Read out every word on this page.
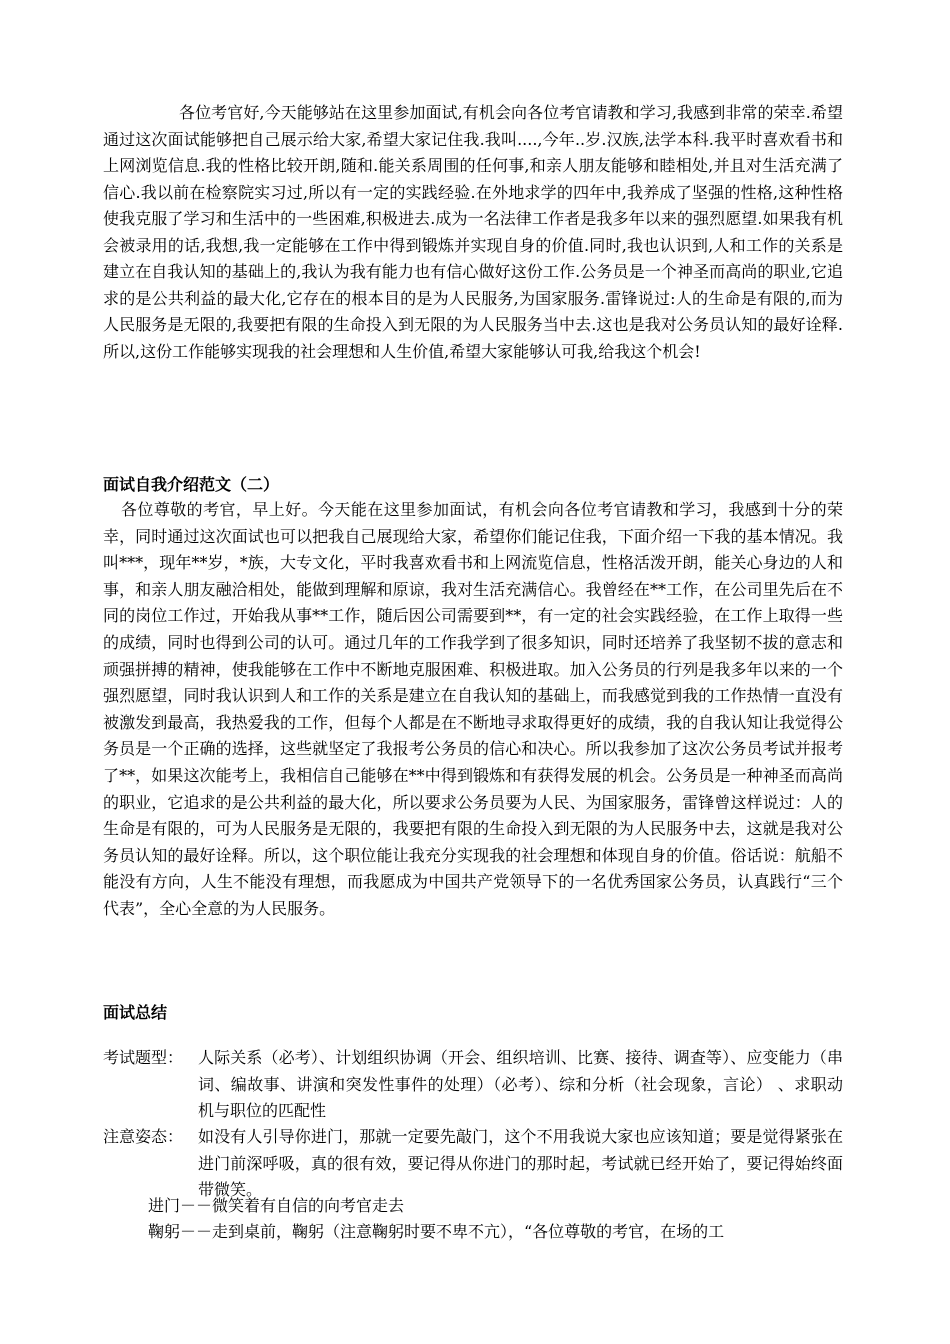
各位考官好,今天能够站在这里参加面试,有机会向各位考官请教和学习,我感到非常的荣幸.希望通过这次面试能够把自己展示给大家,希望大家记住我.我叫....,今年..岁.汉族,法学本科.我平时喜欢看书和上网浏览信息.我的性格比较开朗,随和.能关系周围的任何事,和亲人朋友能够和睦相处,并且对生活充满了信心.我以前在检察院实习过,所以有一定的实践经验.在外地求学的四年中,我养成了坚强的性格,这种性格使我克服了学习和生活中的一些困难,积极进去.成为一名法律工作者是我多年以来的强烈愿望.如果我有机会被录用的话,我想,我一定能够在工作中得到锻炼并实现自身的价值.同时,我也认识到,人和工作的关系是建立在自我认知的基础上的,我认为我有能力也有信心做好这份工作.公务员是一个神圣而高尚的职业,它追求的是公共利益的最大化,它存在的根本目的是为人民服务,为国家服务.雷锋说过:人的生命是有限的,而为人民服务是无限的,我要把有限的生命投入到无限的为人民服务当中去.这也是我对公务员认知的最好诠释.所以,这份工作能够实现我的社会理想和人生价值,希望大家能够认可我,给我这个机会!

面试自我介绍范文（二）

各位尊敬的考官，早上好。今天能在这里参加面试，有机会向各位考官请教和学习，我感到十分的荣幸，同时通过这次面试也可以把我自己展现给大家，希望你们能记住我，下面介绍一下我的基本情况。我叫***，现年**岁，*族，大专文化，平时我喜欢看书和上网流览信息，性格活泼开朗，能关心身边的人和事，和亲人朋友融洽相处，能做到理解和原谅，我对生活充满信心。我曾经在**工作，在公司里先后在不同的岗位工作过，开始我从事**工作，随后因公司需要到**，有一定的社会实践经验，在工作上取得一些的成绩，同时也得到公司的认可。通过几年的工作我学到了很多知识，同时还培养了我坚韧不拔的意志和顽强拼搏的精神，使我能够在工作中不断地克服困难、积极进取。加入公务员的行列是我多年以来的一个强烈愿望，同时我认识到人和工作的关系是建立在自我认知的基础上，而我感觉到我的工作热情一直没有被激发到最高，我热爱我的工作，但每个人都是在不断地寻求取得更好的成绩，我的自我认知让我觉得公务员是一个正确的选择，这些就坚定了我报考公务员的信心和决心。所以我参加了这次公务员考试并报考了**，如果这次能考上，我相信自己能够在**中得到锻炼和有获得发展的机会。公务员是一种神圣而高尚的职业，它追求的是公共利益的最大化，所以要求公务员要为人民、为国家服务，雷锋曾这样说过：人的生命是有限的，可为人民服务是无限的，我要把有限的生命投入到无限的为人民服务中去，这就是我对公务员认知的最好诠释。所以，这个职位能让我充分实现我的社会理想和体现自身的价值。俗话说：航船不能没有方向，人生不能没有理想，而我愿成为中国共产党领导下的一名优秀国家公务员，认真践行“三个代表”，全心全意的为人民服务。

面试总结
考试题型： 人际关系（必考）、计划组织协调（开会、组织培训、比赛、接待、调查等）、应变能力（串词、编故事、讲演和突发性事件的处理）（必考）、综和分析（社会现象，言论） 、求职动机与职位的匹配性
注意姿态： 如没有人引导你进门，那就一定要先敲门，这个不用我说大家也应该知道；要是觉得紧张在进门前深呼吸，真的很有效，要记得从你进门的那时起，考试就已经开始了，要记得始终面带微笑。

进门－－微笑着有自信的向考官走去

鞠躬－－走到桌前，鞠躬（注意鞠躬时要不卑不亢），“各位尊敬的考官，在场的工
